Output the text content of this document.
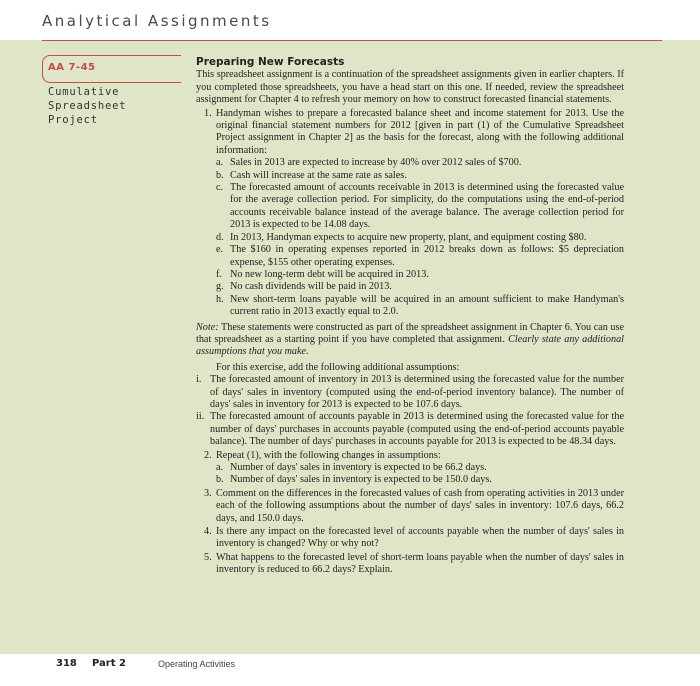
Analytical Assignments
AA 7-45
Cumulative
Spreadsheet
Project
Preparing New Forecasts
This spreadsheet assignment is a continuation of the spreadsheet assignments given in earlier chapters. If you completed those spreadsheets, you have a head start on this one. If needed, review the spreadsheet assignment for Chapter 4 to refresh your memory on how to construct forecasted financial statements.
1. Handyman wishes to prepare a forecasted balance sheet and income statement for 2013. Use the original financial statement numbers for 2012 [given in part (1) of the Cumulative Spreadsheet Project assignment in Chapter 2] as the basis for the forecast, along with the following additional information:
a. Sales in 2013 are expected to increase by 40% over 2012 sales of $700.
b. Cash will increase at the same rate as sales.
c. The forecasted amount of accounts receivable in 2013 is determined using the forecasted value for the average collection period. For simplicity, do the computations using the end-of-period accounts receivable balance instead of the average balance. The average collection period for 2013 is expected to be 14.08 days.
d. In 2013, Handyman expects to acquire new property, plant, and equipment costing $80.
e. The $160 in operating expenses reported in 2012 breaks down as follows: $5 depreciation expense, $155 other operating expenses.
f. No new long-term debt will be acquired in 2013.
g. No cash dividends will be paid in 2013.
h. New short-term loans payable will be acquired in an amount sufficient to make Handyman's current ratio in 2013 exactly equal to 2.0.
Note: These statements were constructed as part of the spreadsheet assignment in Chapter 6. You can use that spreadsheet as a starting point if you have completed that assignment. Clearly state any additional assumptions that you make.
For this exercise, add the following additional assumptions:
i. The forecasted amount of inventory in 2013 is determined using the forecasted value for the number of days' sales in inventory (computed using the end-of-period inventory balance). The number of days' sales in inventory for 2013 is expected to be 107.6 days.
ii. The forecasted amount of accounts payable in 2013 is determined using the forecasted value for the number of days' purchases in accounts payable (computed using the end-of-period accounts payable balance). The number of days' purchases in accounts payable for 2013 is expected to be 48.34 days.
2. Repeat (1), with the following changes in assumptions:
a. Number of days' sales in inventory is expected to be 66.2 days.
b. Number of days' sales in inventory is expected to be 150.0 days.
3. Comment on the differences in the forecasted values of cash from operating activities in 2013 under each of the following assumptions about the number of days' sales in inventory: 107.6 days, 66.2 days, and 150.0 days.
4. Is there any impact on the forecasted level of accounts payable when the number of days' sales in inventory is changed? Why or why not?
5. What happens to the forecasted level of short-term loans payable when the number of days' sales in inventory is reduced to 66.2 days? Explain.
318 Part 2	Operating Activities
